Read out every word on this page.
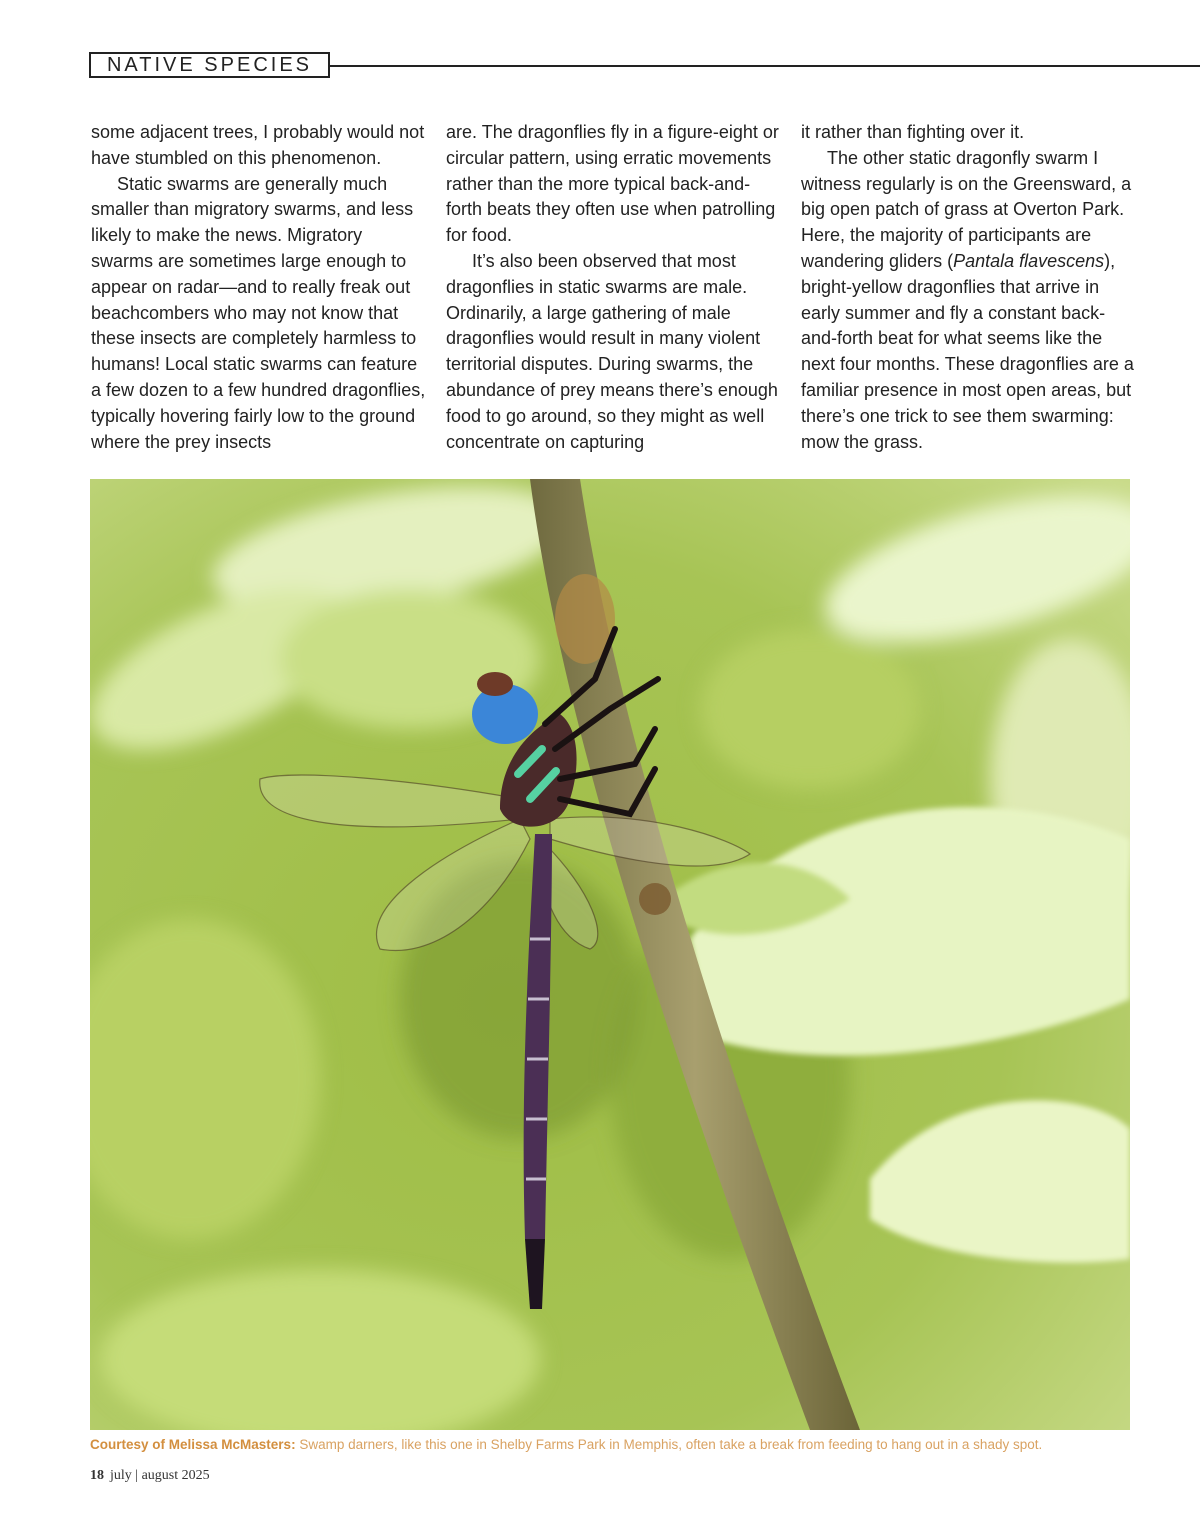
NATIVE SPECIES

some adjacent trees, I probably would not have stumbled on this phenomenon.

Static swarms are generally much smaller than migratory swarms, and less likely to make the news. Migratory swarms are sometimes large enough to appear on radar—and to really freak out beachcombers who may not know that these insects are completely harmless to humans! Local static swarms can feature a few dozen to a few hundred dragonflies, typically hovering fairly low to the ground where the prey insects

are. The dragonflies fly in a figure-eight or circular pattern, using erratic movements rather than the more typical back-and-forth beats they often use when patrolling for food.

It’s also been observed that most dragonflies in static swarms are male. Ordinarily, a large gathering of male dragonflies would result in many violent territorial disputes. During swarms, the abundance of prey means there’s enough food to go around, so they might as well concentrate on capturing

it rather than fighting over it.

The other static dragonfly swarm I witness regularly is on the Greensward, a big open patch of grass at Overton Park. Here, the majority of participants are wandering gliders (Pantala flavescens), bright-yellow dragonflies that arrive in early summer and fly a constant back-and-forth beat for what seems like the next four months. These dragonflies are a familiar presence in most open areas, but there’s one trick to see them swarming: mow the grass.

Courtesy of Melissa McMasters: Swamp darners, like this one in Shelby Farms Park in Memphis, often take a break from feeding to hang out in a shady spot.
18 july | august 2025
